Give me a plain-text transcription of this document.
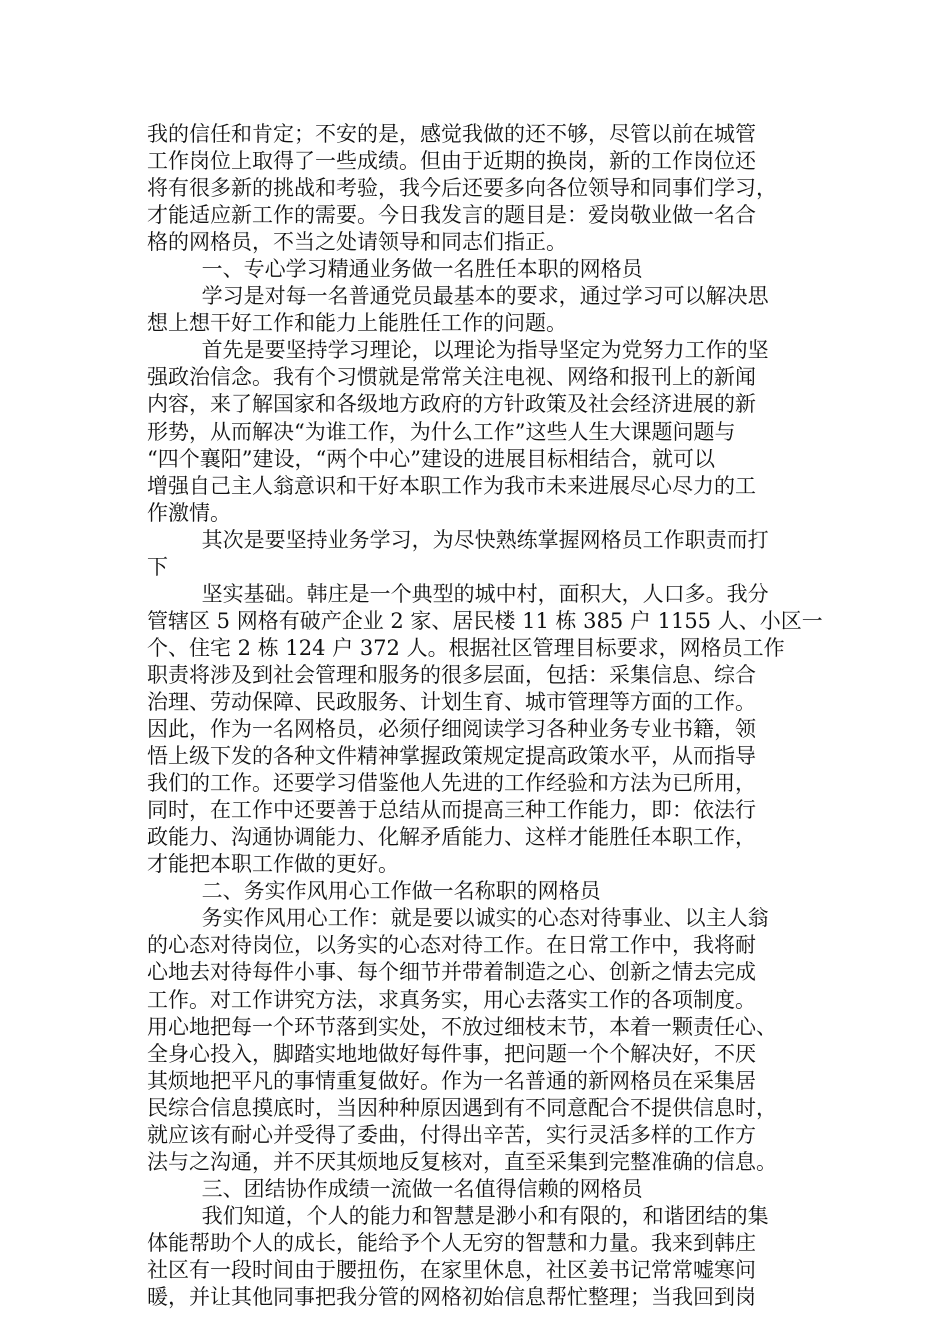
我的信任和肯定；不安的是，感觉我做的还不够，尽管以前在城管
工作岗位上取得了一些成绩。但由于近期的换岗，新的工作岗位还
将有很多新的挑战和考验，我今后还要多向各位领导和同事们学习，
才能适应新工作的需要。今日我发言的题目是：爱岗敬业做一名合
格的网格员，不当之处请领导和同志们指正。
一、专心学习精通业务做一名胜任本职的网格员
学习是对每一名普通党员最基本的要求，通过学习可以解决思
想上想干好工作和能力上能胜任工作的问题。
首先是要坚持学习理论，以理论为指导坚定为党努力工作的坚
强政治信念。我有个习惯就是常常关注电视、网络和报刊上的新闻
内容，来了解国家和各级地方政府的方针政策及社会经济进展的新
形势，从而解决“为谁工作，为什么工作”这些人生大课题问题与
“四个襄阳”建设，“两个中心”建设的进展目标相结合，就可以
增强自己主人翁意识和干好本职工作为我市未来进展尽心尽力的工
作激情。
其次是要坚持业务学习，为尽快熟练掌握网格员工作职责而打
下
坚实基础。韩庄是一个典型的城中村，面积大，人口多。我分
管辖区 5 网格有破产企业 2 家、居民楼 11 栋 385 户 1155 人、小区一
个、住宅 2 栋 124 户 372 人。根据社区管理目标要求，网格员工作
职责将涉及到社会管理和服务的很多层面，包括：采集信息、综合
治理、劳动保障、民政服务、计划生育、城市管理等方面的工作。
因此，作为一名网格员，必须仔细阅读学习各种业务专业书籍，领
悟上级下发的各种文件精神掌握政策规定提高政策水平，从而指导
我们的工作。还要学习借鉴他人先进的工作经验和方法为已所用，
同时，在工作中还要善于总结从而提高三种工作能力，即：依法行
政能力、沟通协调能力、化解矛盾能力、这样才能胜任本职工作，
才能把本职工作做的更好。
二、务实作风用心工作做一名称职的网格员
务实作风用心工作：就是要以诚实的心态对待事业、以主人翁
的心态对待岗位，以务实的心态对待工作。在日常工作中，我将耐
心地去对待每件小事、每个细节并带着制造之心、创新之情去完成
工作。对工作讲究方法，求真务实，用心去落实工作的各项制度。
用心地把每一个环节落到实处，不放过细枝末节，本着一颗责任心、
全身心投入，脚踏实地地做好每件事，把问题一个个解决好，不厌
其烦地把平凡的事情重复做好。作为一名普通的新网格员在采集居
民综合信息摸底时，当因种种原因遇到有不同意配合不提供信息时，
就应该有耐心并受得了委曲，付得出辛苦，实行灵活多样的工作方
法与之沟通，并不厌其烦地反复核对，直至采集到完整准确的信息。
三、团结协作成绩一流做一名值得信赖的网格员
我们知道，个人的能力和智慧是渺小和有限的，和谐团结的集
体能帮助个人的成长，能给予个人无穷的智慧和力量。我来到韩庄
社区有一段时间由于腰扭伤，在家里休息，社区姜书记常常嘘寒问
暖，并让其他同事把我分管的网格初始信息帮忙整理；当我回到岗
